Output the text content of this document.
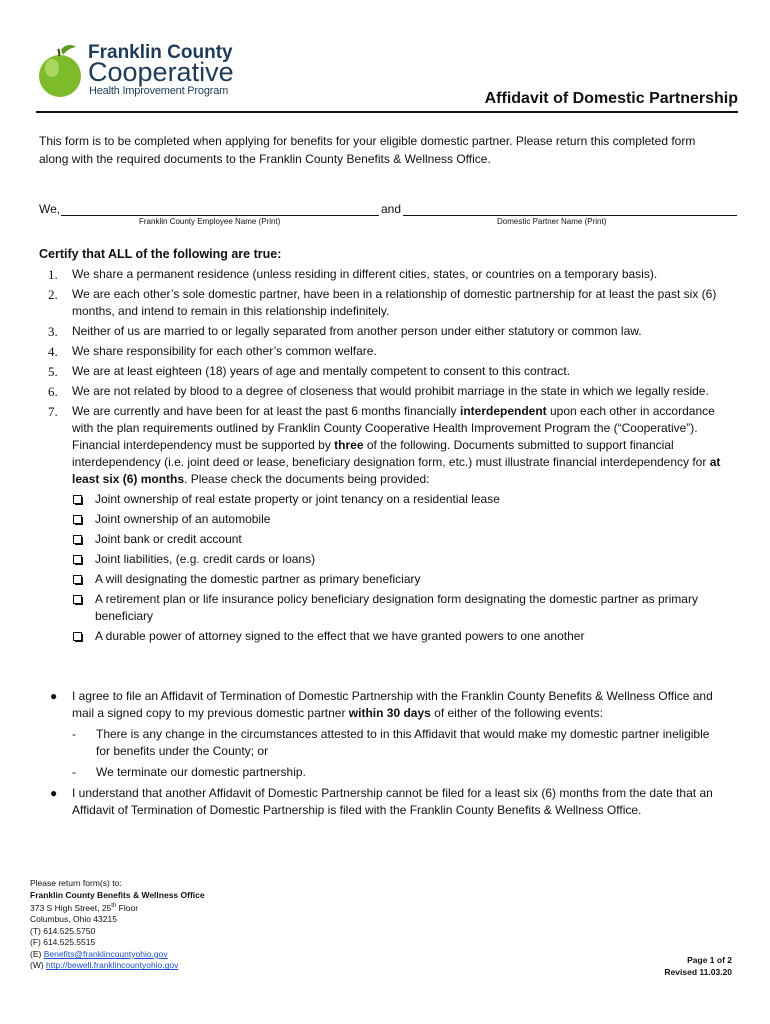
Franklin County
Cooperative
Health Improvement Program	Affidavit of Domestic Partnership
This form is to be completed when applying for benefits for your eligible domestic partner. Please return this completed form along with the required documents to the Franklin County Benefits & Wellness Office.
We,	and
Franklin County Employee Name (Print)	Domestic Partner Name (Print)
Certify that ALL of the following are true:
1. We share a permanent residence (unless residing in different cities, states, or countries on a temporary basis).
2. We are each other’s sole domestic partner, have been in a relationship of domestic partnership for at least the past six (6) months, and intend to remain in this relationship indefinitely.
3. Neither of us are married to or legally separated from another person under either statutory or common law.
4. We share responsibility for each other’s common welfare.
5. We are at least eighteen (18) years of age and mentally competent to consent to this contract.
6. We are not related by blood to a degree of closeness that would prohibit marriage in the state in which we legally reside.
7. We are currently and have been for at least the past 6 months financially interdependent upon each other in accordance with the plan requirements outlined by Franklin County Cooperative Health Improvement Program the (“Cooperative”). Financial interdependency must be supported by three of the following. Documents submitted to support financial interdependency (i.e. joint deed or lease, beneficiary designation form, etc.) must illustrate financial interdependency for at least six (6) months. Please check the documents being provided:
Joint ownership of real estate property or joint tenancy on a residential lease
Joint ownership of an automobile
Joint bank or credit account
Joint liabilities, (e.g. credit cards or loans)
A will designating the domestic partner as primary beneficiary
A retirement plan or life insurance policy beneficiary designation form designating the domestic partner as primary beneficiary
A durable power of attorney signed to the effect that we have granted powers to one another
● I agree to file an Affidavit of Termination of Domestic Partnership with the Franklin County Benefits & Wellness Office and mail a signed copy to my previous domestic partner within 30 days of either of the following events:
- There is any change in the circumstances attested to in this Affidavit that would make my domestic partner ineligible for benefits under the County; or
- We terminate our domestic partnership.
● I understand that another Affidavit of Domestic Partnership cannot be filed for a least six (6) months from the date that an Affidavit of Termination of Domestic Partnership is filed with the Franklin County Benefits & Wellness Office.
Please return form(s) to:
Franklin County Benefits & Wellness Office
373 S High Street, 25th Floor
Columbus, Ohio 43215
(T) 614.525.5750
(F) 614.525.5515
(E) Benefits@franklincountyohio.gov
(W) http://bewell.franklincountyohio.gov
Page 1 of 2
Revised 11.03.20
